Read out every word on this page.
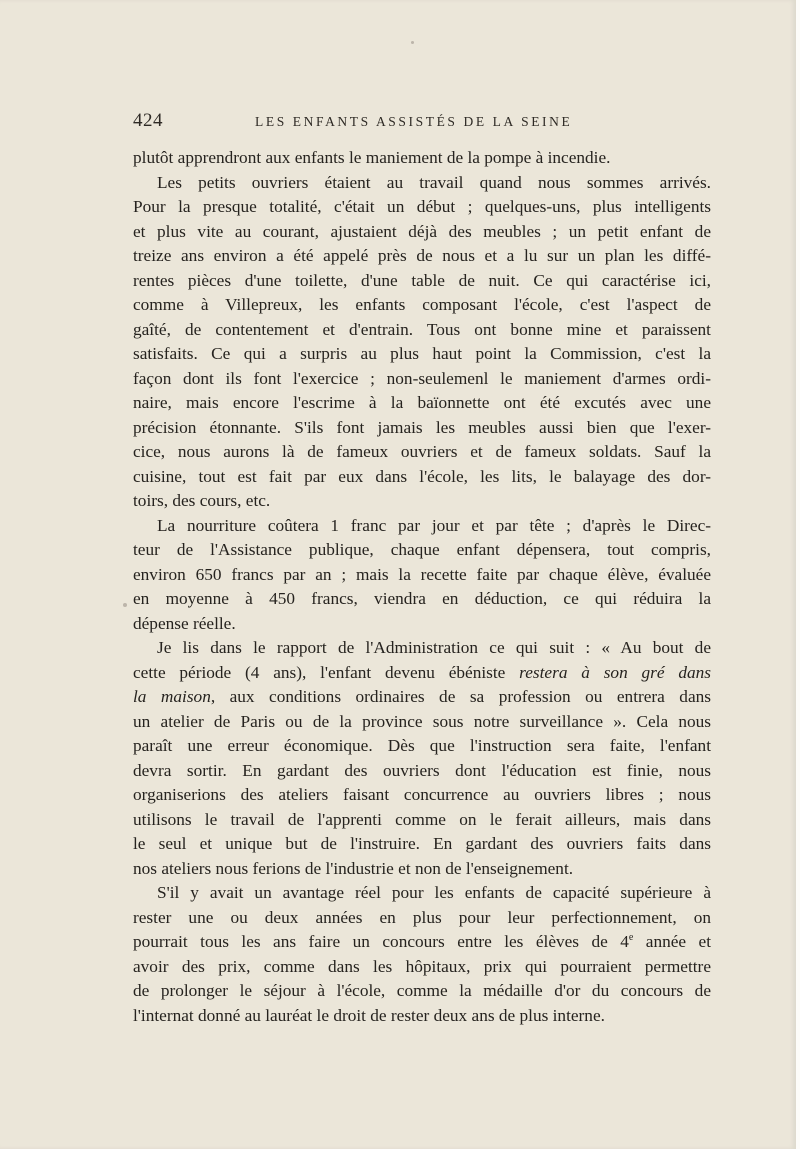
424	LES ENFANTS ASSISTÉS DE LA SEINE

plutôt apprendront aux enfants le maniement de la pompe à incendie.

Les petits ouvriers étaient au travail quand nous sommes arrivés.
Pour la presque totalité, c'était un début ; quelques-uns, plus intelligents
et plus vite au courant, ajustaient déjà des meubles ; un petit enfant de
treize ans environ a été appelé près de nous et a lu sur un plan les diffé-
rentes pièces d'une toilette, d'une table de nuit. Ce qui caractérise ici,
comme à Villepreux, les enfants composant l'école, c'est l'aspect de
gaîté, de contentement et d'entrain. Tous ont bonne mine et paraissent
satisfaits. Ce qui a surpris au plus haut point la Commission, c'est la
façon dont ils font l'exercice ; non-seulemenl le maniement d'armes ordi-
naire, mais encore l'escrime à la baïonnette ont été excutés avec une
précision étonnante. S'ils font jamais les meubles aussi bien que l'exer-
cice, nous aurons là de fameux ouvriers et de fameux soldats. Sauf la
cuisine, tout est fait par eux dans l'école, les lits, le balayage des dor-
toirs, des cours, etc.

La nourriture coûtera 1 franc par jour et par tête ; d'après le Direc-
teur de l'Assistance publique, chaque enfant dépensera, tout compris,
environ 650 francs par an ; mais la recette faite par chaque élève, évaluée
en moyenne à 450 francs, viendra en déduction, ce qui réduira la
dépense réelle.

Je lis dans le rapport de l'Administration ce qui suit : « Au bout de
cette période (4 ans), l'enfant devenu ébéniste restera à son gré dans
la maison, aux conditions ordinaires de sa profession ou entrera dans
un atelier de Paris ou de la province sous notre surveillance ». Cela nous
paraît une erreur économique. Dès que l'instruction sera faite, l'enfant
devra sortir. En gardant des ouvriers dont l'éducation est finie, nous
organiserions des ateliers faisant concurrence au ouvriers libres ; nous
utilisons le travail de l'apprenti comme on le ferait ailleurs, mais dans
le seul et unique but de l'instruire. En gardant des ouvriers faits dans
nos ateliers nous ferions de l'industrie et non de l'enseignement.

S'il y avait un avantage réel pour les enfants de capacité supérieure à
rester une ou deux années en plus pour leur perfectionnement, on
pourrait tous les ans faire un concours entre les élèves de 4e année et
avoir des prix, comme dans les hôpitaux, prix qui pourraient permettre
de prolonger le séjour à l'école, comme la médaille d'or du concours de
l'internat donné au lauréat le droit de rester deux ans de plus interne.
